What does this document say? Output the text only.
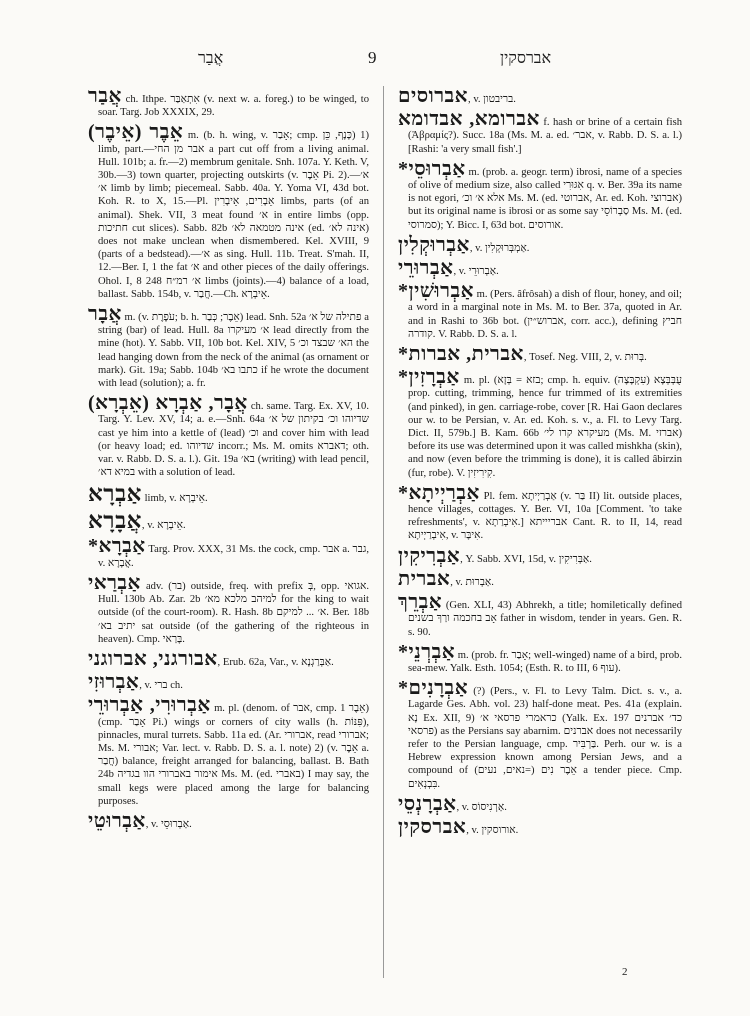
אֲבַר	9	אברסקין

אֲבַר ch. Ithpe. אִתְאַבַּר (v. next w. a. foreg.) to be winged, to soar. Targ. Job XXXIX, 29.

אֵבֶר (אֵיבֶר) m. (b. h. wing, v. אָבַר; cmp. כָּנָף, כֵּן) 1) limb, part.—אבר מן החי a part cut off from a living animal. Hull. 101b; a. fr.—2) membrum genitale. Snh. 107a. Y. Keth. V, 30b.—3) town quarter, projecting outskirts (v. אֵבֶר Pi. 2).—א׳ א׳ limb by limb; piecemeal. Sabb. 40a. Y. Yoma VI, 43d bot. Koh. R. to X, 15.—Pl. אֵבָרִים, אֵיבָרִין limbs, parts (of an animal). Shek. VII, 3 meat found א׳ in entire limbs (opp. חתיכות cut slices). Sabb. 82b אינה מטמאה לא׳ (ed. אינה לא׳) does not make unclean when dismembered. Kel. XVIII, 9 (parts of a bedstead).—א׳ as sing. Hull. 11b. Treat. S'mah. II, 12.—Ber. I, 1 the fat א׳ and other pieces of the daily offerings. Ohol. I, 8 א׳ רמ״ח 248 limbs (joints).—4) balance of a load, ballast. Sabb. 154b, v. חֲבַר.—Ch. אֵיבְרָא.

אֲבָר m. (v. עֹפֶרֶת; b. h. אֵבֶר; כְּבַר) lead. Snh. 52a פתילה של א׳ a string (bar) of lead. Hull. 8a א׳ מעיקרו lead directly from the mine (hot). Y. Sabb. VII, 10b bot. Kel. XIV, 5 הא׳ שבצד וכ׳ the lead hanging down from the neck of the animal (as ornament or mark). Git. 19a; Sabb. 104b כתבו בא׳ if he wrote the document with lead (solution); a. fr.

אֲבָר, אַבְרָא (אֵבְרָא) ch. same. Targ. Ex. XV, 10. Targ. Y. Lev. XV, 14; a. e.—Snh. 64a שדיוהו וכ׳ בקיתון של א׳ cast ye him into a kettle of (lead) וכ׳ and cover him with lead (or heavy load; ed. שדיוהו incorr.; Ms. M. omits דאברא; oth. var. v. Rabb. D. S. a. l.). Git. 19a בא׳ (writing) with lead pencil, במיא דא׳ with a solution of lead.

אַבְרָא limb, v. אֵיבְרָא.

אֲבָרָא, v. אֵיבְרָא.

אַבְרָא* Targ. Prov. XXX, 31 Ms. the cock, cmp. אבר a. גבר, v. אֲבָרָא.

אַבְרַאי adv. (בר) outside, freq. with prefix בְּ, opp. אגואי. Hull. 130b Ab. Zar. 2b למיהב מלכא מא׳ for the king to wait outside (of the court-room). R. Hash. 8b א׳ ... למיקם. Ber. 18b יתיב בא׳ sat outside (of the gathering of the righteous in heaven). Cmp. בָּרַאי.

אבורגני, אברוגני, Erub. 62a, Var., v. אַבְּרַגְנָא.

אַבְרוּזִי, v. ברי ch.

אַבְרוּרִי, אַבְרוּרֵי m. pl. (denom. of אבר, cmp. אֵבֶר 1) (cmp. אָבַר Pi.) wings or corners of city walls (h. פִּנּוֹת), pinnacles, mural turrets. Sabb. 11a ed. (Ar. אברורי, read אברורי; Ms. M. אבורי; Var. lect. v. Rabb. D. S. a. l. note) 2) (v. אֵבֶר a. חֲבַר) balance, freight arranged for balancing, ballast. B. Bath 24b אימור באברורי הוו בגדיה Ms. M. (ed. באברי) I may say, the small kegs were placed among the large for balancing purposes.

אַבְרוּטֵי, v. אַבְרוּסֵי.

אברוסים, v. בריבטון.

אברומא, אבדומא f. hash or brine of a certain fish (Ἀβραμίς?). Succ. 18a (Ms. M. a. ed. אבר׳, v. Rabb. D. S. a. l.) [Rashi: 'a very small fish'.]

אַבְרוּסֵי* m. (prob. a. geogr. term) ibrosi, name of a species of olive of medium size, also called אִגּוּרִי q. v. Ber. 39a its name is not egori, אלא א׳ וכ׳ Ms. M. (ed. אברוטי, Ar. ed. Koh. אברוצי) but its original name is ibrosi or as some say סַבְרוֹסֵי Ms. M. (ed. סמרוסי); Y. Bicc. I, 63d bot. אורוסים.

אַבְרוּקְלִין, v. אַמְבְּרוּקְלִין.

אַבְרוּרֵי, v. אַבְרוּרֵי.

אַבְרוּשִׁין* m. (Pers. âfrôsah) a dish of flour, honey, and oil; a word in a marginal note in Ms. M. to Ber. 37a, quoted in Ar. and in Rashi to 36b bot. (אברוש״ין, corr. acc.), defining חביץ קודרה. V. Rabb. D. S. a. l.

אברית, אברות*, Tosef. Neg. VIII, 2, v. בְּרוּת.

אַבְרָזִין* m. pl. (בזא = בְּזָא; cmp. h. equiv. עֻבְּבְּצָא (עִקְבָּצָה) prop. cutting, trimming, hence fur trimmed of its extremities (and pinked), in gen. carriage-robe, cover [R. Hai Gaon declares our w. to be Persian, v. Ar. ed. Koh. s. v., a. Fl. to Levy Targ. Dict. II, 579b.] B. Kam. 66b מעיקרא קרו לי׳ (Ms. M. אברזי) before its use was determined upon it was called mishkha (skin), and now (even before the trimming is done), it is called âbirzin (fur, robe). V. קִירִיזִין.

אַבְרַיְיתָא* Pl. fem. אַבְרַיְיתָא (v. בַּר II) lit. outside places, hence villages, cottages. Y. Ber. VI, 10a [Comment. 'to take refreshments', v. אִיבְרַתָא.] אבריייתא Cant. R. to II, 14, read אִיבְרַיְיתָא, v. אִיבָּר.

אַבְרִיקִין, Y. Sabb. XVI, 15d, v. אַבְּרִיקִין.

אברית, v. אַבְרוּת.

אַבְרֵךְ (Gen. XLI, 43) Abhrekh, a title; homiletically defined אָב בחכמה ורַךְ בשנים father in wisdom, tender in years. Gen. R. s. 90.

אַבְרְנֵי* m. (prob. fr. אָבַר; well-winged) name of a bird, prob. sea-mew. Yalk. Esth. 1054; (Esth. R. to III, 6 עוף).

אַבְרָנִים* (?) (Pers., v. Fl. to Levy Talm. Dict. s. v., a. Lagarde Ges. Abh. vol. 23) half-done meat. Pes. 41a (explain. נָא Ex. XII, 9) כראמרי פרסאי א׳ (Yalk. Ex. 197 כד׳ אברנים פרסאי) as the Persians say abarnim. אברנים does not necessarily refer to the Persian language, cmp. בַּרְבִּיר. Perh. our w. is a Hebrew expression known among Persian Jews, and a compound of אֵבֶר נִים (=נאים, נעים) a tender piece. Cmp. בִּבְנְאִים.

אַבְרָנְסֵי, v. אַרְנִיסוֹס.

אברסקין, v. אורוסקין.

2
